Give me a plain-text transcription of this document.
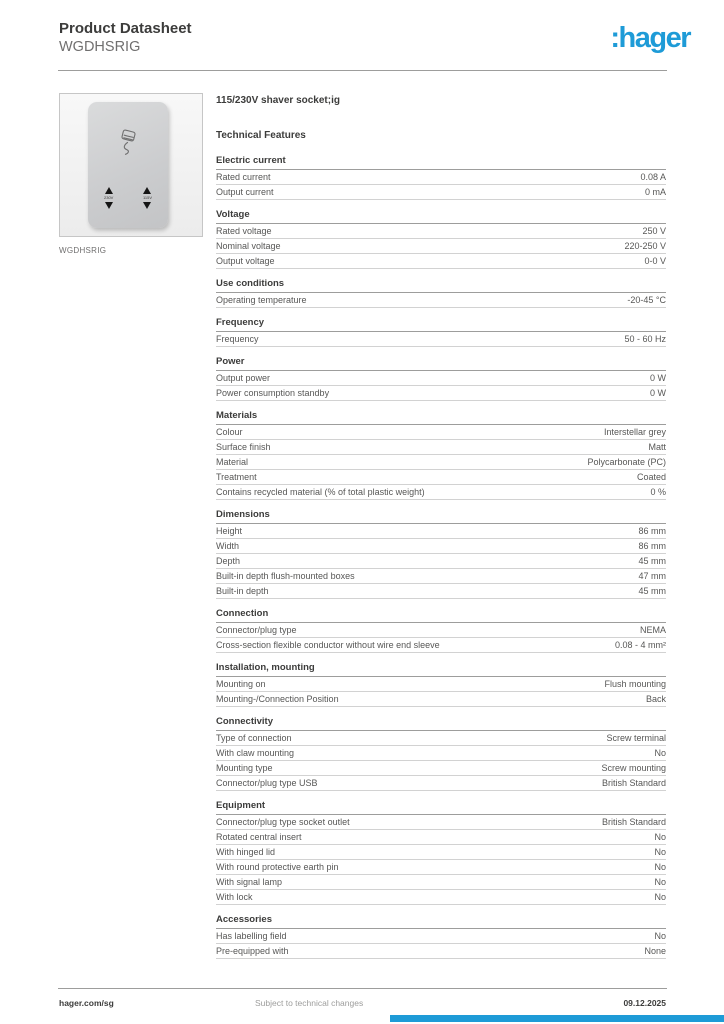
Product Datasheet
WGDHSRIG	:hager
230V	115V
WGDHSRIG
115/230V shaver socket;ig
Technical Features
Electric current
Rated current	0.08 A
Output current	0 mA
Voltage
Rated voltage	250 V
Nominal voltage	220-250 V
Output voltage	0-0 V
Use conditions
Operating temperature	-20-45 °C
Frequency
Frequency	50 - 60 Hz
Power
Output power	0 W
Power consumption standby	0 W
Materials
Colour	Interstellar grey
Surface finish	Matt
Material	Polycarbonate (PC)
Treatment	Coated
Contains recycled material (% of total plastic weight)	0 %
Dimensions
Height	86 mm
Width	86 mm
Depth	45 mm
Built-in depth flush-mounted boxes	47 mm
Built-in depth	45 mm
Connection
Connector/plug type	NEMA
Cross-section flexible conductor without wire end sleeve	0.08 - 4 mm²
Installation, mounting
Mounting on	Flush mounting
Mounting-/Connection Position	Back
Connectivity
Type of connection	Screw terminal
With claw mounting	No
Mounting type	Screw mounting
Connector/plug type USB	British Standard
Equipment
Connector/plug type socket outlet	British Standard
Rotated central insert	No
With hinged lid	No
With round protective earth pin	No
With signal lamp	No
With lock	No
Accessories
Has labelling field	No
Pre-equipped with	None
hager.com/sg	Subject to technical changes	09.12.2025
